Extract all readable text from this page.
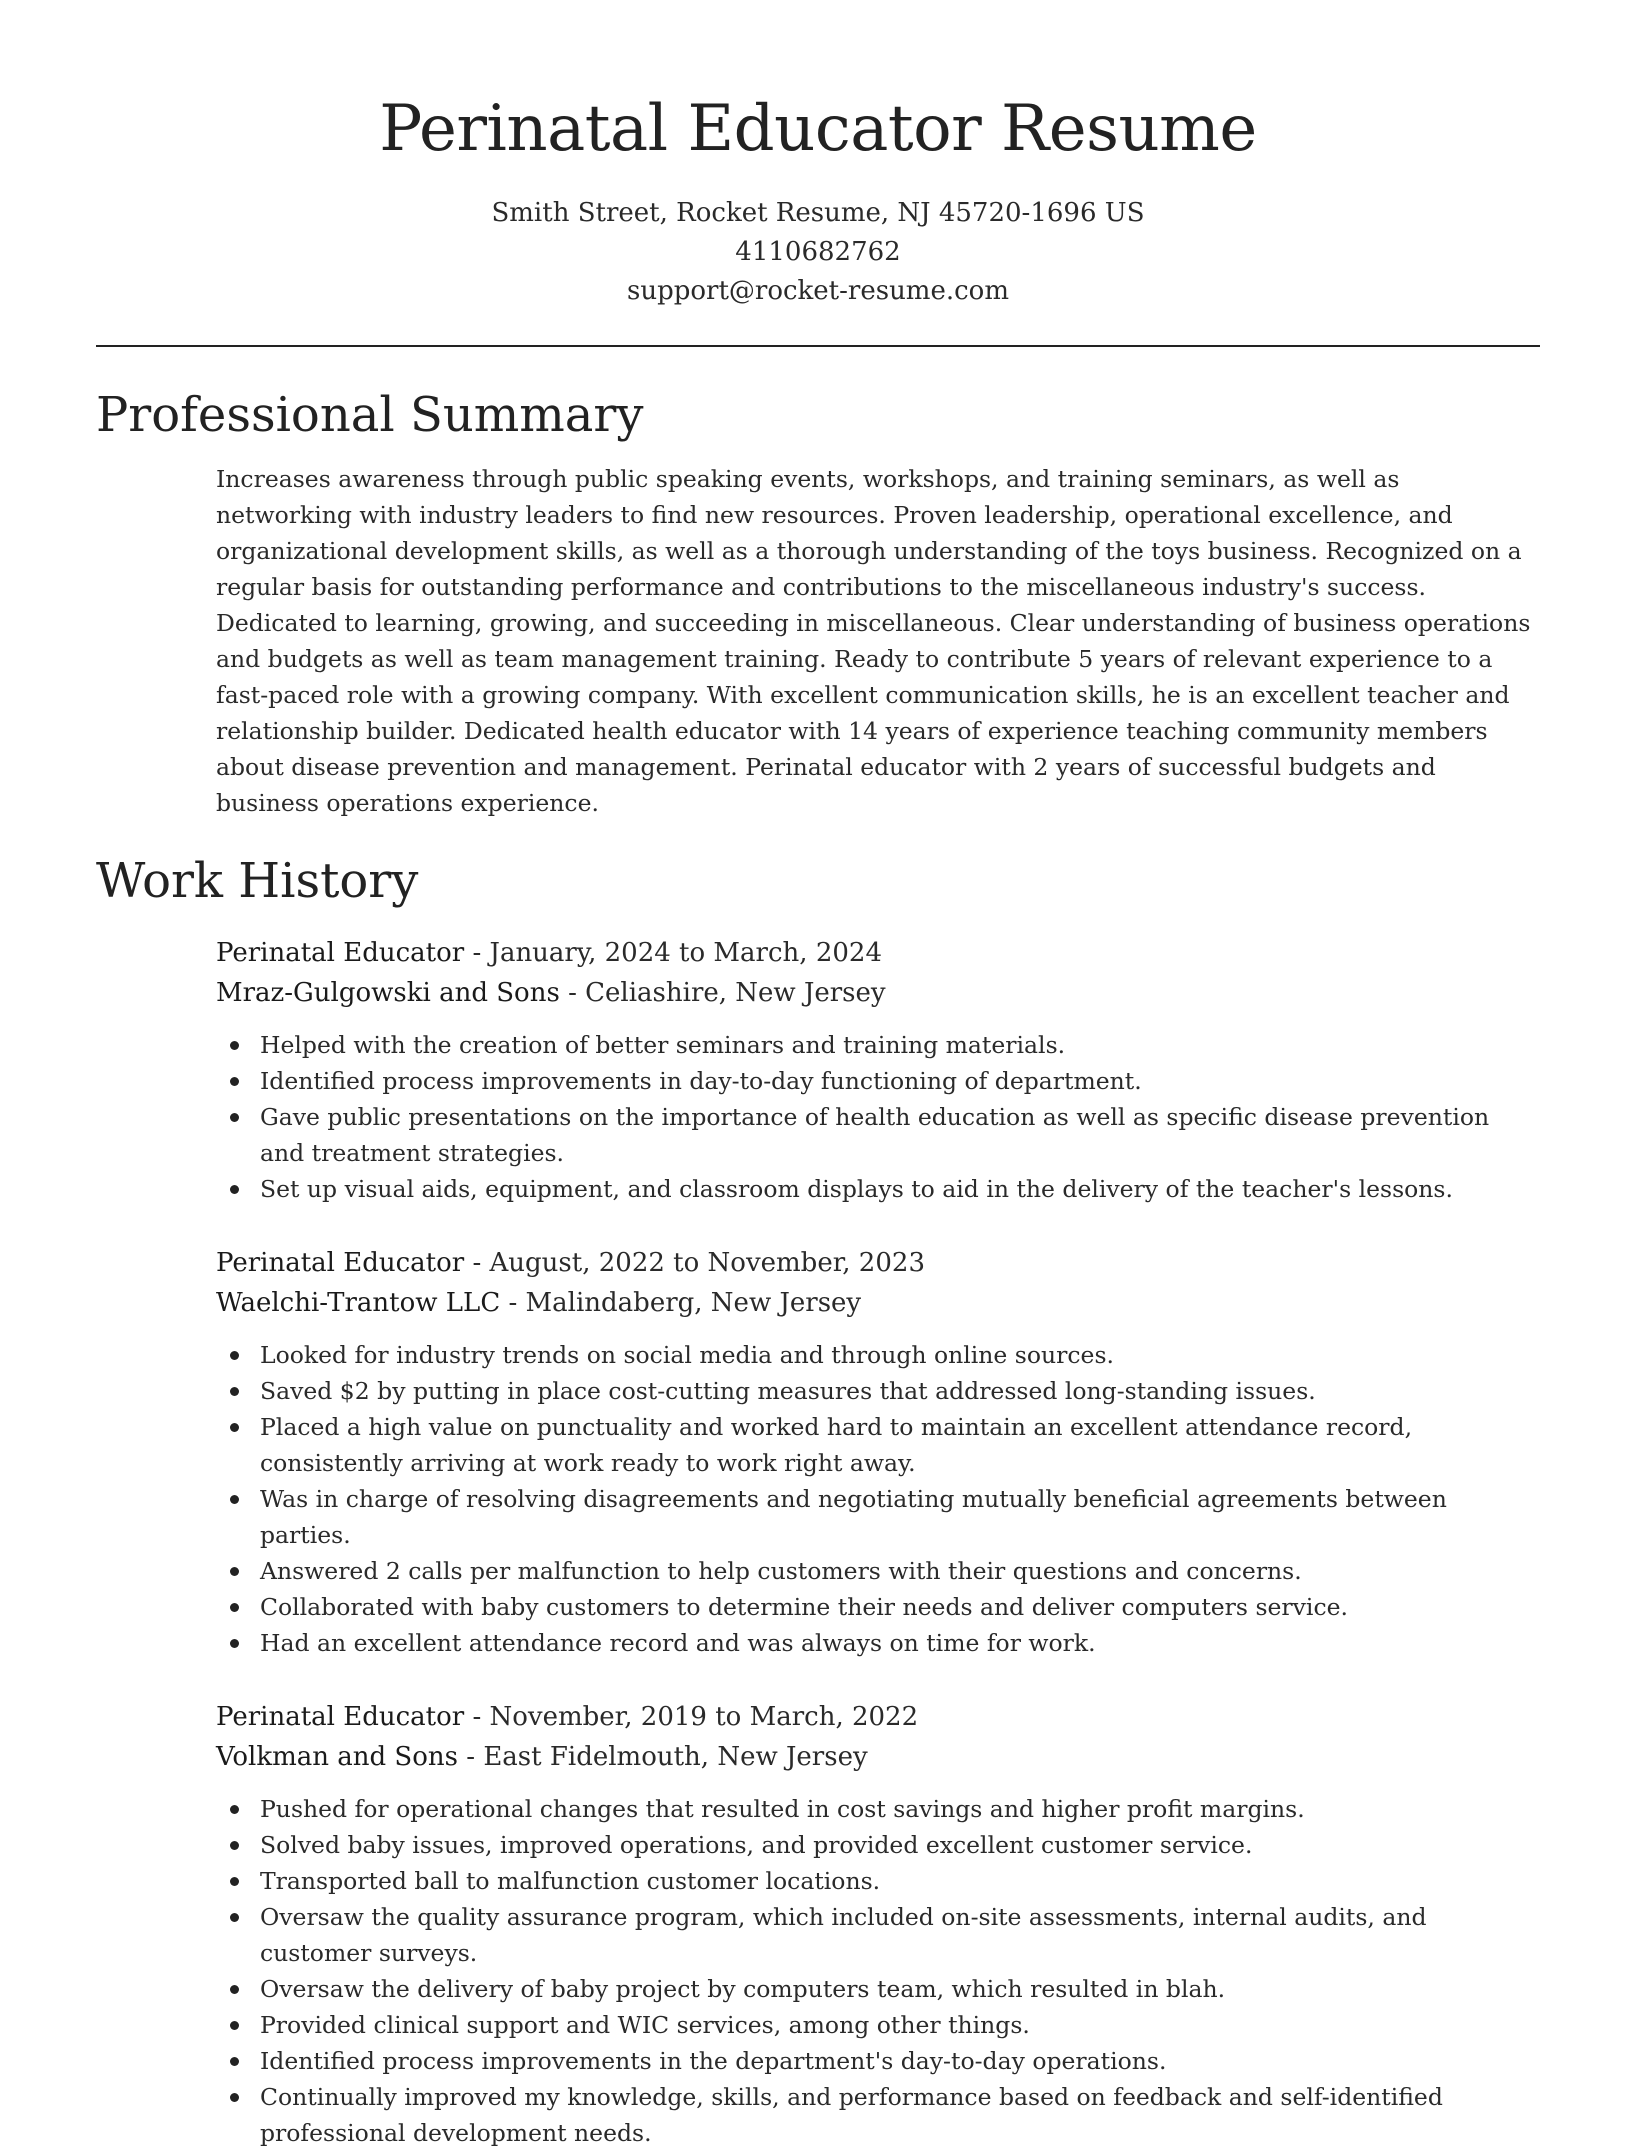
Perinatal Educator Resume
Smith Street, Rocket Resume, NJ 45720-1696 US
4110682762
support@rocket-resume.com
Professional Summary

Increases awareness through public speaking events, workshops, and training seminars, as well as networking with industry leaders to find new resources. Proven leadership, operational excellence, and organizational development skills, as well as a thorough understanding of the toys business. Recognized on a regular basis for outstanding performance and contributions to the miscellaneous industry's success. Dedicated to learning, growing, and succeeding in miscellaneous. Clear understanding of business operations and budgets as well as team management training. Ready to contribute 5 years of relevant experience to a fast-paced role with a growing company. With excellent communication skills, he is an excellent teacher and relationship builder. Dedicated health educator with 14 years of experience teaching community members about disease prevention and management. Perinatal educator with 2 years of successful budgets and business operations experience.

Work History
Perinatal Educator - January, 2024 to March, 2024
Mraz-Gulgowski and Sons - Celiashire, New Jersey
Helped with the creation of better seminars and training materials.
Identified process improvements in day-to-day functioning of department.
Gave public presentations on the importance of health education as well as specific disease prevention and treatment strategies.
Set up visual aids, equipment, and classroom displays to aid in the delivery of the teacher's lessons.
Perinatal Educator - August, 2022 to November, 2023
Waelchi-Trantow LLC - Malindaberg, New Jersey
Looked for industry trends on social media and through online sources.
Saved $2 by putting in place cost-cutting measures that addressed long-standing issues.
Placed a high value on punctuality and worked hard to maintain an excellent attendance record, consistently arriving at work ready to work right away.
Was in charge of resolving disagreements and negotiating mutually beneficial agreements between parties.
Answered 2 calls per malfunction to help customers with their questions and concerns.
Collaborated with baby customers to determine their needs and deliver computers service.
Had an excellent attendance record and was always on time for work.
Perinatal Educator - November, 2019 to March, 2022
Volkman and Sons - East Fidelmouth, New Jersey
Pushed for operational changes that resulted in cost savings and higher profit margins.
Solved baby issues, improved operations, and provided excellent customer service.
Transported ball to malfunction customer locations.
Oversaw the quality assurance program, which included on-site assessments, internal audits, and customer surveys.
Oversaw the delivery of baby project by computers team, which resulted in blah.
Provided clinical support and WIC services, among other things.
Identified process improvements in the department's day-to-day operations.
Continually improved my knowledge, skills, and performance based on feedback and self-identified professional development needs.
